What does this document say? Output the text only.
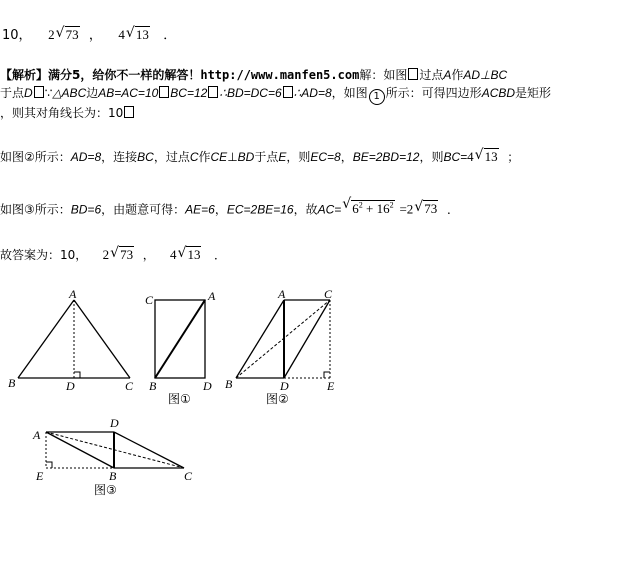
10， 2√ 73 ， 4√ 13 ．
【解析】满分5，给你不一样的解答！http://www.manfen5.com解：如图 过点A作AD⊥BC
于点D ∵△ABC边AB=AC=10 BC=12 ∴BD=DC=6 ∴AD=8，如图 1 所示：可得四边形ACBD是矩形
，则其对角线长为：10
如图②所示：AD=8，连接BC，过点C作CE⊥BD于点E，则EC=8，BE=2BD=12，则BC=4√ 13 ；
如图③所示：BD=6，由题意可得：AE=6，EC=2BE=16，故AC=√ $6^2 + 16^2 =2√$ 73 ．
故答案为：10， 2√ 73 ， 4√ 13 ．
A
B	D	C
C	A
B	D
图①
A	C
B	D	E
图②
D
A
E	B	C
图③
